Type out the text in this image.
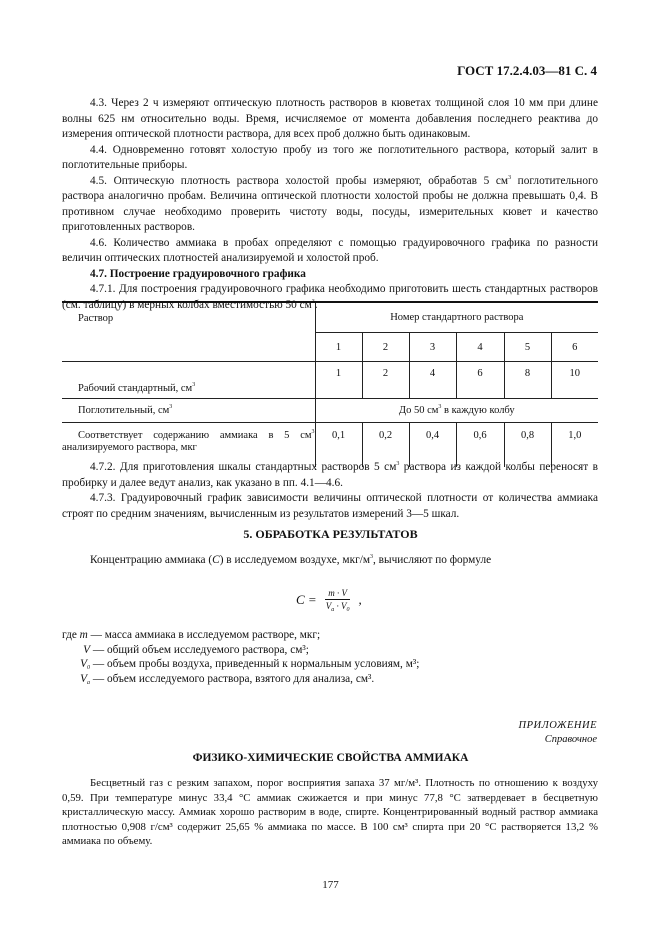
ГОСТ 17.2.4.03—81 С. 4

4.3. Через 2 ч измеряют оптическую плотность растворов в кюветах толщиной слоя 10 мм при длине волны 625 нм относительно воды. Время, исчисляемое от момента добавления последнего реактива до измерения оптической плотности раствора, для всех проб должно быть одинаковым.

4.4. Одновременно готовят холостую пробу из того же поглотительного раствора, который залит в поглотительные приборы.

4.5. Оптическую плотность раствора холостой пробы измеряют, обработав 5 $см^3$ поглотительного раствора аналогично пробам. Величина оптической плотности холостой пробы не должна превышать 0,4. В противном случае необходимо проверить чистоту воды, посуды, измерительных кювет и качество приготовленных растворов.

4.6. Количество аммиака в пробах определяют с помощью градуировочного графика по разности величин оптических плотностей анализируемой и холостой проб.

4.7. Построение градуировочного графика

4.7.1. Для построения градуировочного графика необходимо приготовить шесть стандартных растворов (см. таблицу) в мерных колбах вместимостью 50 $см^3$.

Раствор	Номер стандартного раствора					
	1	2	3	4	5	6
Рабочий стандартный, $см^3$	1	2	4	6	8	10
Поглотительный, $см^3$	До 50 $см^3$ в каждую колбу					
Соответствует содержанию аммиака в 5 $см^3$ анализируемого раствора, мкг	0,1	0,2	0,4	0,6	0,8	1,0

4.7.2. Для приготовления шкалы стандартных растворов 5 $см^3$ раствора из каждой колбы переносят в пробирку и далее ведут анализ, как указано в пп. 4.1—4.6.

4.7.3. Градуировочный график зависимости величины оптической плотности от количества аммиака строят по средним значениям, вычисленным из результатов измерений 3—5 шкал.

5. ОБРАБОТКА РЕЗУЛЬТАТОВ

Концентрацию аммиака (C) в исследуемом воздухе, мкг/$м^3$, вычисляют по формуле

$C = \frac{m \cdot V}{V_a \cdot V_0}$ ,
где m — масса аммиака в исследуемом растворе, мкг;
V — общий объем исследуемого раствора, см³;
$V_0$ — объем пробы воздуха, приведенный к нормальным условиям, м³;
$V_a$ — объем исследуемого раствора, взятого для анализа, см³.
ПРИЛОЖЕНИЕ
Справочное
ФИЗИКО-ХИМИЧЕСКИЕ СВОЙСТВА АММИАКА

Бесцветный газ с резким запахом, порог восприятия запаха 37 мг/м³. Плотность по отношению к воздуху 0,59. При температуре минус 33,4 °С аммиак сжижается и при минус 77,8 °С затвердевает в бесцветную кристаллическую массу. Аммиак хорошо растворим в воде, спирте. Концентрированный водный раствор аммиака плотностью 0,908 г/см³ содержит 25,65 % аммиака по массе. В 100 см³ спирта при 20 °С растворяется 13,2 % аммиака по объему.

177
